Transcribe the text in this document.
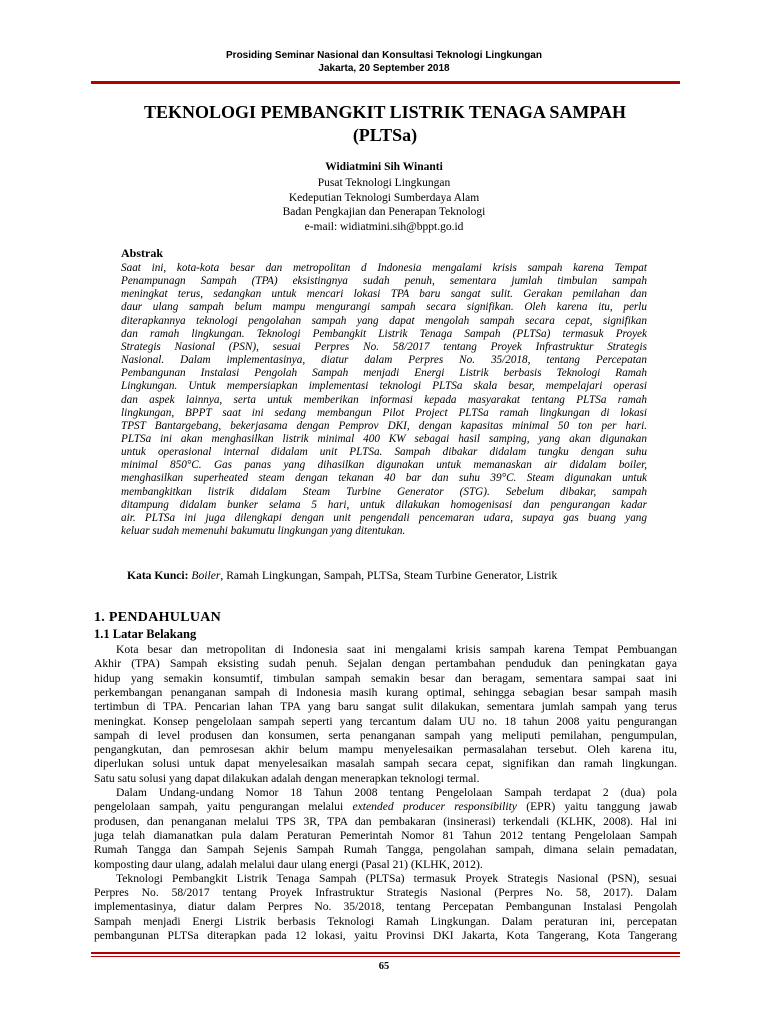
Prosiding Seminar Nasional dan Konsultasi Teknologi Lingkungan
Jakarta, 20 September 2018
TEKNOLOGI PEMBANGKIT LISTRIK TENAGA SAMPAH
(PLTSa)
Widiatmini Sih Winanti
Pusat Teknologi Lingkungan
Kedeputian Teknologi Sumberdaya Alam
Badan Pengkajian dan Penerapan Teknologi
e-mail: widiatmini.sih@bppt.go.id
Abstrak
Saat ini, kota-kota besar dan metropolitan d Indonesia mengalami krisis sampah karena Tempat
Penampunagn Sampah (TPA) eksistingnya sudah penuh, sementara jumlah timbulan sampah
meningkat terus, sedangkan untuk mencari lokasi TPA baru sangat sulit. Gerakan pemilahan dan
daur ulang sampah belum mampu mengurangi sampah secara signifikan. Oleh karena itu, perlu
diterapkannya teknologi pengolahan sampah yang dapat mengolah sampah secara cepat, signifikan
dan ramah lingkungan. Teknologi Pembangkit Listrik Tenaga Sampah (PLTSa) termasuk Proyek
Strategis Nasional (PSN), sesuai Perpres No. 58/2017 tentang Proyek Infrastruktur Strategis
Nasional. Dalam implementasinya, diatur dalam Perpres No. 35/2018, tentang Percepatan
Pembangunan Instalasi Pengolah Sampah menjadi Energi Listrik berbasis Teknologi Ramah
Lingkungan. Untuk mempersiapkan implementasi teknologi PLTSa skala besar, mempelajari operasi
dan aspek lainnya, serta untuk memberikan informasi kepada masyarakat tentang PLTSa ramah
lingkungan, BPPT saat ini sedang membangun Pilot Project PLTSa ramah lingkungan di lokasi
TPST Bantargebang, bekerjasama dengan Pemprov DKI, dengan kapasitas minimal 50 ton per hari.
PLTSa ini akan menghasilkan listrik minimal 400 KW sebagai hasil samping, yang akan digunakan
untuk operasional internal didalam unit PLTSa. Sampah dibakar didalam tungku dengan suhu
minimal 850°C. Gas panas yang dihasilkan digunakan untuk memanaskan air didalam boiler,
menghasilkan superheated steam dengan tekanan 40 bar dan suhu 39°C. Steam digunakan untuk
membangkitkan listrik didalam Steam Turbine Generator (STG). Sebelum dibakar, sampah
ditampung didalam bunker selama 5 hari, untuk dilakukan homogenisasi dan pengurangan kadar
air. PLTSa ini juga dilengkapi dengan unit pengendali pencemaran udara, supaya gas buang yang
keluar sudah memenuhi bakumutu lingkungan yang ditentukan.
Kata Kunci: Boiler, Ramah Lingkungan, Sampah, PLTSa, Steam Turbine Generator, Listrik
1. PENDAHULUAN
1.1 Latar Belakang
Kota besar dan metropolitan di Indonesia saat ini mengalami krisis sampah karena Tempat Pembuangan
Akhir (TPA) Sampah eksisting sudah penuh. Sejalan dengan pertambahan penduduk dan peningkatan gaya
hidup yang semakin konsumtif, timbulan sampah semakin besar dan beragam, sementara sampai saat ini
perkembangan penanganan sampah di Indonesia masih kurang optimal, sehingga sebagian besar sampah masih
tertimbun di TPA. Pencarian lahan TPA yang baru sangat sulit dilakukan, sementara jumlah sampah yang terus
meningkat. Konsep pengelolaan sampah seperti yang tercantum dalam UU no. 18 tahun 2008 yaitu pengurangan
sampah di level produsen dan konsumen, serta penanganan sampah yang meliputi pemilahan, pengumpulan,
pengangkutan, dan pemrosesan akhir belum mampu menyelesaikan permasalahan tersebut. Oleh karena itu,
diperlukan solusi untuk dapat menyelesaikan masalah sampah secara cepat, signifikan dan ramah lingkungan.
Satu satu solusi yang dapat dilakukan adalah dengan menerapkan teknologi termal.
Dalam Undang-undang Nomor 18 Tahun 2008 tentang Pengelolaan Sampah terdapat 2 (dua) pola
pengelolaan sampah, yaitu pengurangan melalui extended producer responsibility (EPR) yaitu tanggung jawab
produsen, dan penanganan melalui TPS 3R, TPA dan pembakaran (insinerasi) terkendali (KLHK, 2008). Hal ini
juga telah diamanatkan pula dalam Peraturan Pemerintah Nomor 81 Tahun 2012 tentang Pengelolaan Sampah
Rumah Tangga dan Sampah Sejenis Sampah Rumah Tangga, pengolahan sampah, dimana selain pemadatan,
komposting daur ulang, adalah melalui daur ulang energi (Pasal 21) (KLHK, 2012).
Teknologi Pembangkit Listrik Tenaga Sampah (PLTSa) termasuk Proyek Strategis Nasional (PSN), sesuai
Perpres No. 58/2017 tentang Proyek Infrastruktur Strategis Nasional (Perpres No. 58, 2017). Dalam
implementasinya, diatur dalam Perpres No. 35/2018, tentang Percepatan Pembangunan Instalasi Pengolah
Sampah menjadi Energi Listrik berbasis Teknologi Ramah Lingkungan. Dalam peraturan ini, percepatan
pembangunan PLTSa diterapkan pada 12 lokasi, yaitu Provinsi DKI Jakarta, Kota Tangerang, Kota Tangerang
65
